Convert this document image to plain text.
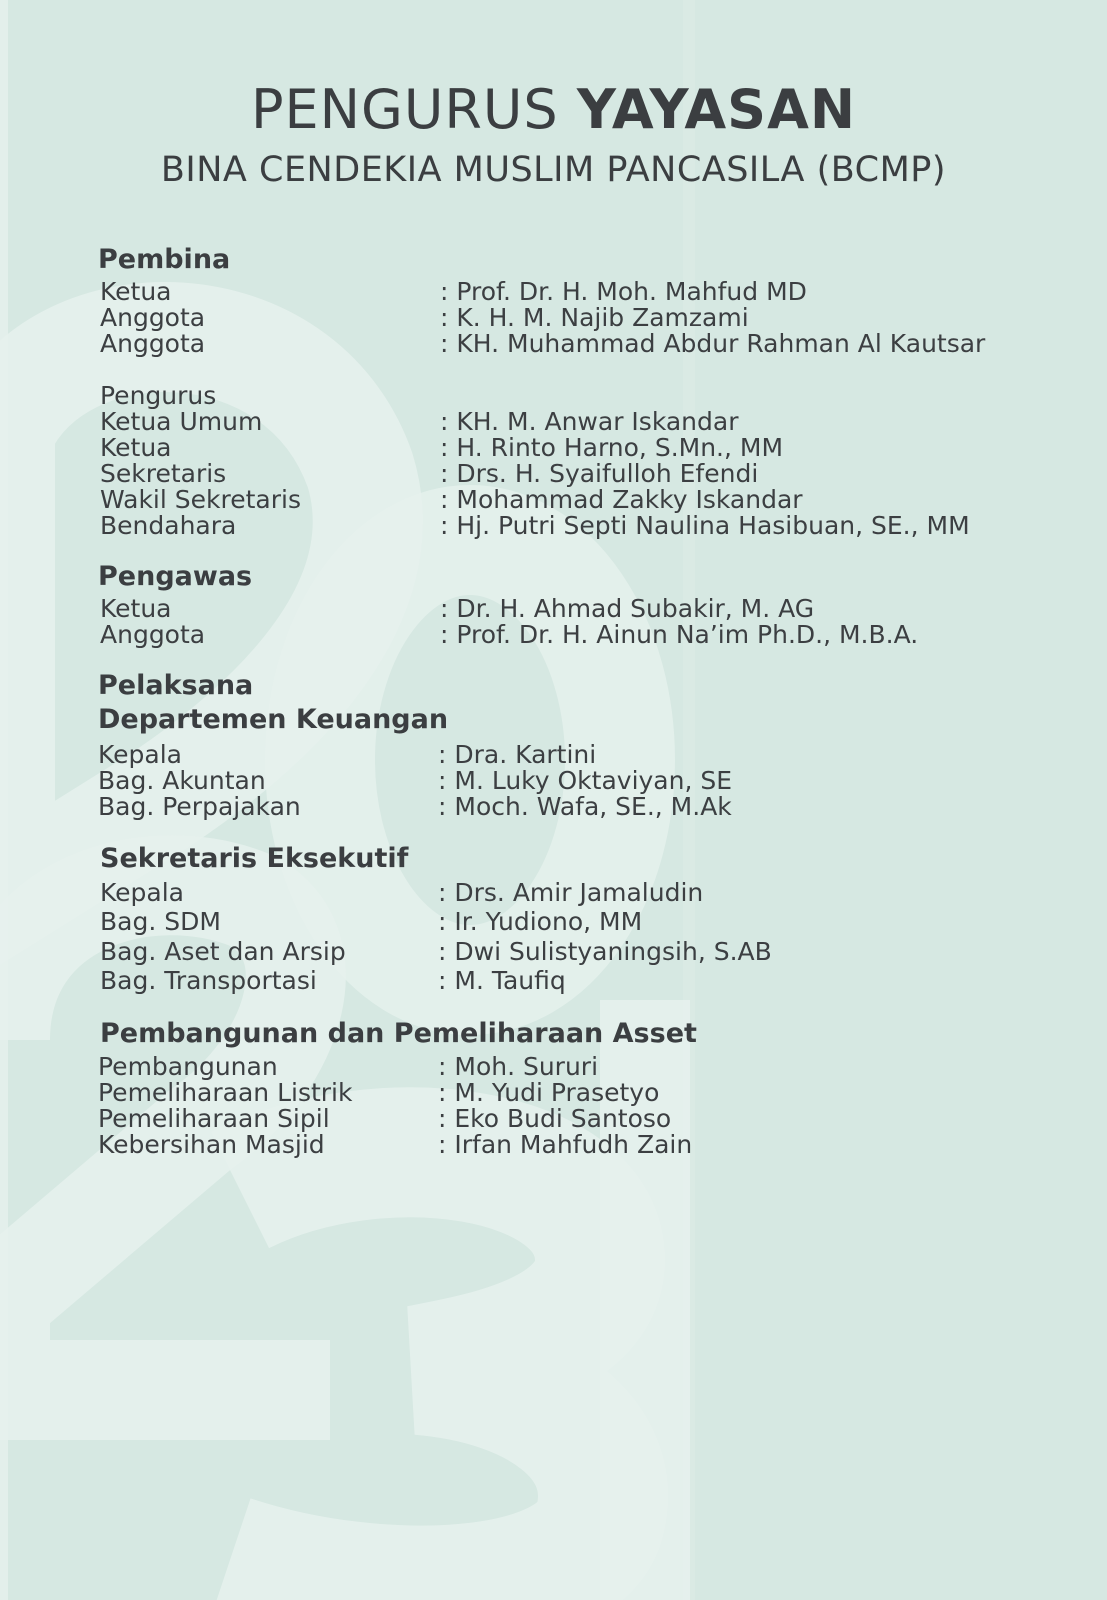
PENGURUS YAYASAN
BINA CENDEKIA MUSLIM PANCASILA (BCMP)
Pembina
Ketua	: Prof. Dr. H. Moh. Mahfud MD
Anggota	: K. H. M. Najib Zamzami
Anggota	: KH. Muhammad Abdur Rahman Al Kautsar
Pengurus
Ketua Umum	: KH. M. Anwar Iskandar
Ketua	: H. Rinto Harno, S.Mn., MM
Sekretaris	: Drs. H. Syaifulloh Efendi
Wakil Sekretaris	: Mohammad Zakky Iskandar
Bendahara	: Hj. Putri Septi Naulina Hasibuan, SE., MM
Pengawas
Ketua	: Dr. H. Ahmad Subakir, M. AG
Anggota	: Prof. Dr. H. Ainun Na’im Ph.D., M.B.A.
Pelaksana
Departemen Keuangan
Kepala	: Dra. Kartini
Bag. Akuntan	: M. Luky Oktaviyan, SE
Bag. Perpajakan	: Moch. Wafa, SE., M.Ak
Sekretaris Eksekutif
Kepala	: Drs. Amir Jamaludin
Bag. SDM	: Ir. Yudiono, MM
Bag. Aset dan Arsip	: Dwi Sulistyaningsih, S.AB
Bag. Transportasi	: M. Taufiq
Pembangunan dan Pemeliharaan Asset
Pembangunan	: Moh. Sururi
Pemeliharaan Listrik	: M. Yudi Prasetyo
Pemeliharaan Sipil	: Eko Budi Santoso
Kebersihan Masjid	: Irfan Mahfudh Zain
